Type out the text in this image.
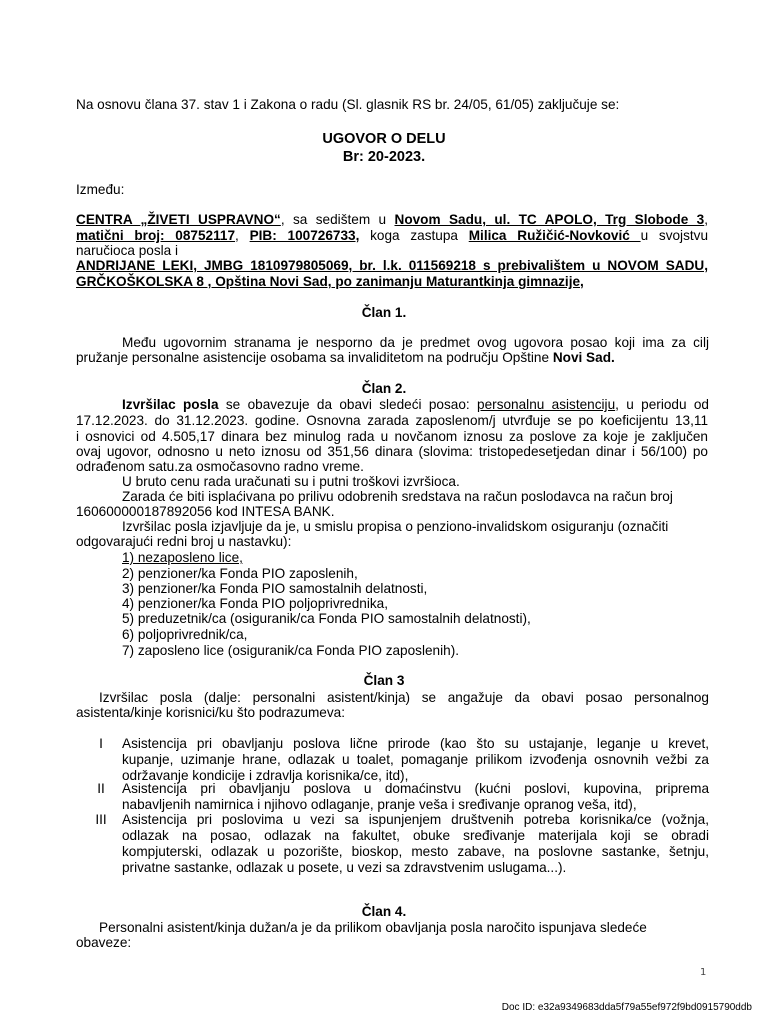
Na osnovu člana 37. stav 1 i Zakona o radu (Sl. glasnik RS br. 24/05, 61/05) zaključuje se:
UGOVOR O DELU
Br: 20-2023.
Između:
CENTRA „ŽIVETI USPRAVNO“, sa sedištem u Novom Sadu, ul. TC APOLO, Trg Slobode 3,
matični broj: 08752117, PIB: 100726733, koga zastupa Milica Ružičić-Novković u svojstvu
naručioca posla i
ANDRIJANE LEKI, JMBG 1810979805069, br. l.k. 011569218 s prebivalištem u NOVOM SADU,
GRČKOŠKOLSKA 8 , Opština Novi Sad, po zanimanju Maturantkinja gimnazije,
Član 1.
Među ugovornim stranama je nesporno da je predmet ovog ugovora posao koji ima za cilj
pružanje personalne asistencije osobama sa invaliditetom na području Opštine Novi Sad.
Član 2.
Izvršilac posla se obavezuje da obavi sledeći posao: personalnu asistenciju, u periodu od
17.12.2023. do 31.12.2023. godine. Osnovna zarada zaposlenom/j utvrđuje se po koeficijentu 13,11
i osnovici od 4.505,17 dinara bez minulog rada u novčanom iznosu za poslove za koje je zaključen
ovaj ugovor, odnosno u neto iznosu od 351,56 dinara (slovima: tristopedesetjedan dinar i 56/100) po
odrađenom satu.za osmočasovno radno vreme.
U bruto cenu rada uračunati su i putni troškovi izvršioca.
Zarada će biti isplaćivana po prilivu odobrenih sredstava na račun poslodavca na račun broj
160600000187892056 kod INTESA BANK.
Izvršilac posla izjavljuje da je, u smislu propisa o penziono-invalidskom osiguranju (označiti
odgovarajući redni broj u nastavku):
1) nezaposleno lice,
2) penzioner/ka Fonda PIO zaposlenih,
3) penzioner/ka Fonda PIO samostalnih delatnosti,
4) penzioner/ka Fonda PIO poljoprivrednika,
5) preduzetnik/ca (osiguranik/ca Fonda PIO samostalnih delatnosti),
6) poljoprivrednik/ca,
7) zaposleno lice (osiguranik/ca Fonda PIO zaposlenih).
Član 3
Izvršilac posla (dalje: personalni asistent/kinja) se angažuje da obavi posao personalnog
asistenta/kinje korisnici/ku što podrazumeva:
I	Asistencija pri obavljanju poslova lične prirode (kao što su ustajanje, leganje u krevet,
kupanje, uzimanje hrane, odlazak u toalet, pomaganje prilikom izvođenja osnovnih vežbi za
održavanje kondicije i zdravlja korisnika/ce, itd),
II	Asistencija pri obavljanju poslova u domaćinstvu (kućni poslovi, kupovina, priprema
nabavljenih namirnica i njihovo odlaganje, pranje veša i sređivanje opranog veša, itd),
III	Asistencija pri poslovima u vezi sa ispunjenjem društvenih potreba korisnika/ce (vožnja,
odlazak na posao, odlazak na fakultet, obuke sređivanje materijala koji se obradi
kompjuterski, odlazak u pozorište, bioskop, mesto zabave, na poslovne sastanke, šetnju,
privatne sastanke, odlazak u posete, u vezi sa zdravstvenim uslugama...).
Član 4.
Personalni asistent/kinja dužan/a je da prilikom obavljanja posla naročito ispunjava sledeće
obaveze:
1
Doc ID: e32a9349683dda5f79a55ef972f9bd0915790ddb
